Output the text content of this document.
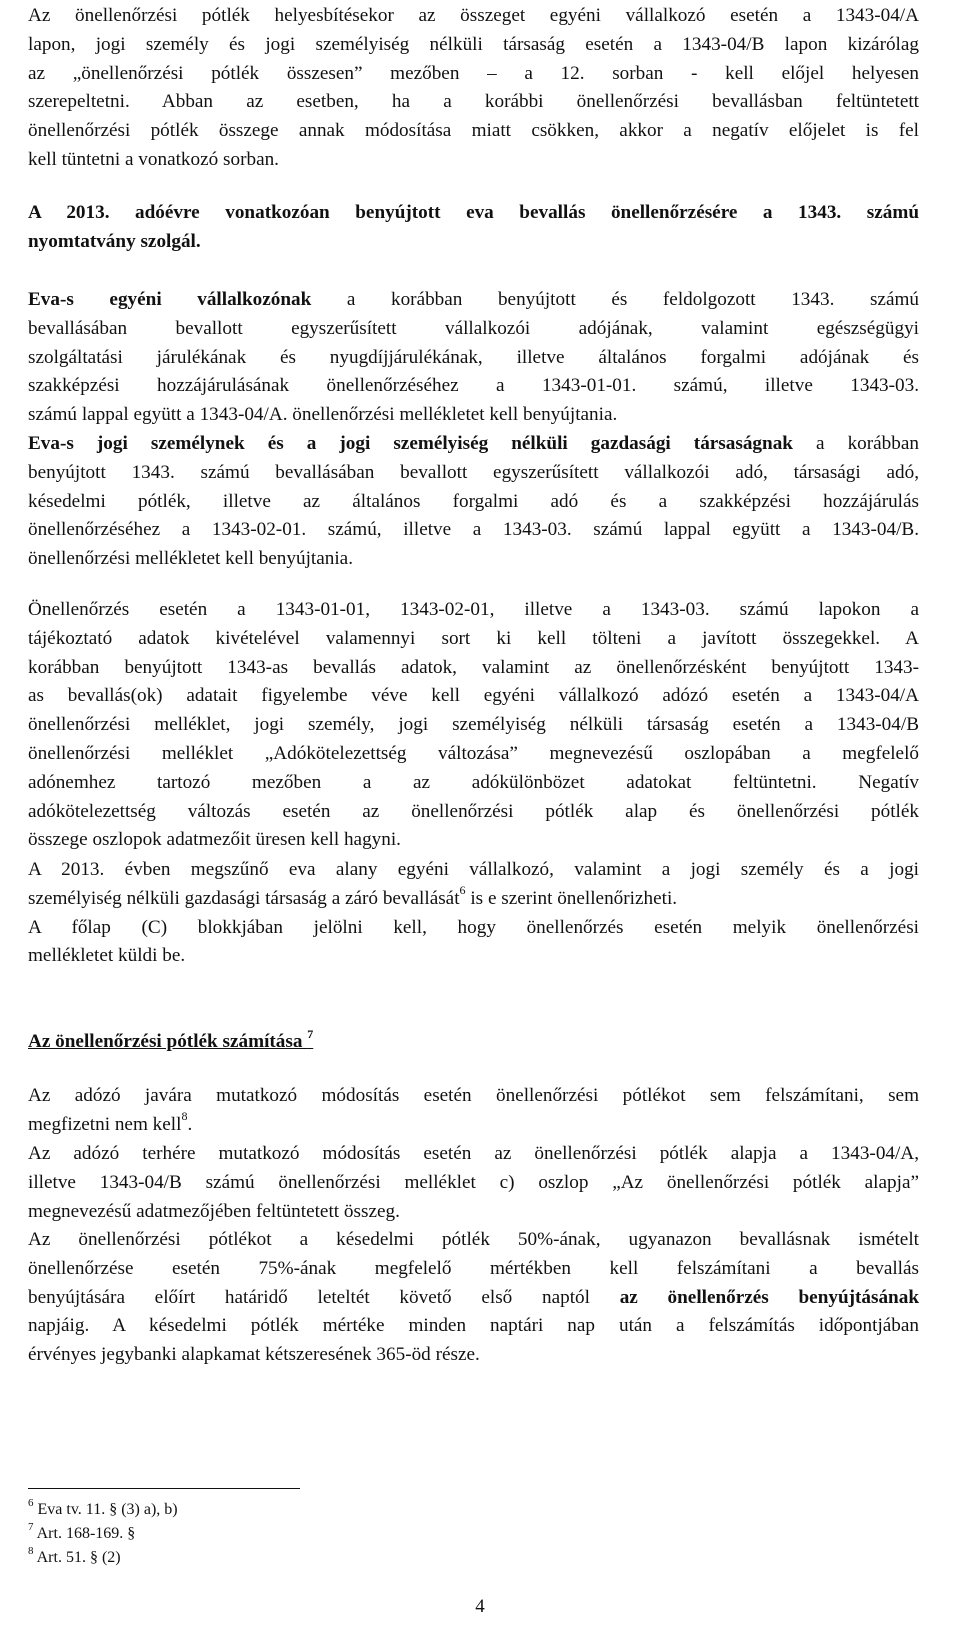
Az önellenőrzési pótlék helyesbítésekor az összeget egyéni vállalkozó esetén a 1343-04/A
lapon, jogi személy és jogi személyiség nélküli társaság esetén a 1343-04/B lapon kizárólag
az „önellenőrzési pótlék összesen” mezőben – a 12. sorban - kell előjel helyesen
szerepeltetni. Abban az esetben, ha a korábbi önellenőrzési bevallásban feltüntetett
önellenőrzési pótlék összege annak módosítása miatt csökken, akkor a negatív előjelet is fel
kell tüntetni a vonatkozó sorban.
A 2013. adóévre vonatkozóan benyújtott eva bevallás önellenőrzésére a 1343. számú
nyomtatvány szolgál.
Eva-s egyéni vállalkozónak a korábban benyújtott és feldolgozott 1343. számú
bevallásában bevallott egyszerűsített vállalkozói adójának, valamint egészségügyi
szolgáltatási járulékának és nyugdíjjárulékának, illetve általános forgalmi adójának és
szakképzési hozzájárulásának önellenőrzéséhez a 1343-01-01. számú, illetve 1343-03.
számú lappal együtt a 1343-04/A. önellenőrzési mellékletet kell benyújtania.
Eva-s jogi személynek és a jogi személyiség nélküli gazdasági társaságnak a korábban
benyújtott 1343. számú bevallásában bevallott egyszerűsített vállalkozói adó, társasági adó,
késedelmi pótlék, illetve az általános forgalmi adó és a szakképzési hozzájárulás
önellenőrzéséhez a 1343-02-01. számú, illetve a 1343-03. számú lappal együtt a 1343-04/B.
önellenőrzési mellékletet kell benyújtania.
Önellenőrzés esetén a 1343-01-01, 1343-02-01, illetve a 1343-03. számú lapokon a
tájékoztató adatok kivételével valamennyi sort ki kell tölteni a javított összegekkel. A
korábban benyújtott 1343-as bevallás adatok, valamint az önellenőrzésként benyújtott 1343-
as bevallás(ok) adatait figyelembe véve kell egyéni vállalkozó adózó esetén a 1343-04/A
önellenőrzési melléklet, jogi személy, jogi személyiség nélküli társaság esetén a 1343-04/B
önellenőrzési melléklet „Adókötelezettség változása” megnevezésű oszlopában a megfelelő
adónemhez tartozó mezőben a az adókülönbözet adatokat feltüntetni. Negatív
adókötelezettség változás esetén az önellenőrzési pótlék alap és önellenőrzési pótlék
összege oszlopok adatmezőit üresen kell hagyni.
A 2013. évben megszűnő eva alany egyéni vállalkozó, valamint a jogi személy és a jogi
személyiség nélküli gazdasági társaság a záró bevallását$^6$ is e szerint önellenőrizheti.
A főlap (C) blokkjában jelölni kell, hogy önellenőrzés esetén melyik önellenőrzési
mellékletet küldi be.
Az önellenőrzési pótlék számítása $^7$
Az adózó javára mutatkozó módosítás esetén önellenőrzési pótlékot sem felszámítani, sem
megfizetni nem kell$^8$.
Az adózó terhére mutatkozó módosítás esetén az önellenőrzési pótlék alapja a 1343-04/A,
illetve 1343-04/B számú önellenőrzési melléklet c) oszlop „Az önellenőrzési pótlék alapja”
megnevezésű adatmezőjében feltüntetett összeg.
Az önellenőrzési pótlékot a késedelmi pótlék 50%-ának, ugyanazon bevallásnak ismételt
önellenőrzése esetén 75%-ának megfelelő mértékben kell felszámítani a bevallás
benyújtására előírt határidő leteltét követő első naptól az önellenőrzés benyújtásának
napjáig. A késedelmi pótlék mértéke minden naptári nap után a felszámítás időpontjában
érvényes jegybanki alapkamat kétszeresének 365-öd része.
$^6$ Eva tv. 11. § (3) a), b)
$^7$ Art. 168-169. §
$^8$ Art. 51. § (2)
4
